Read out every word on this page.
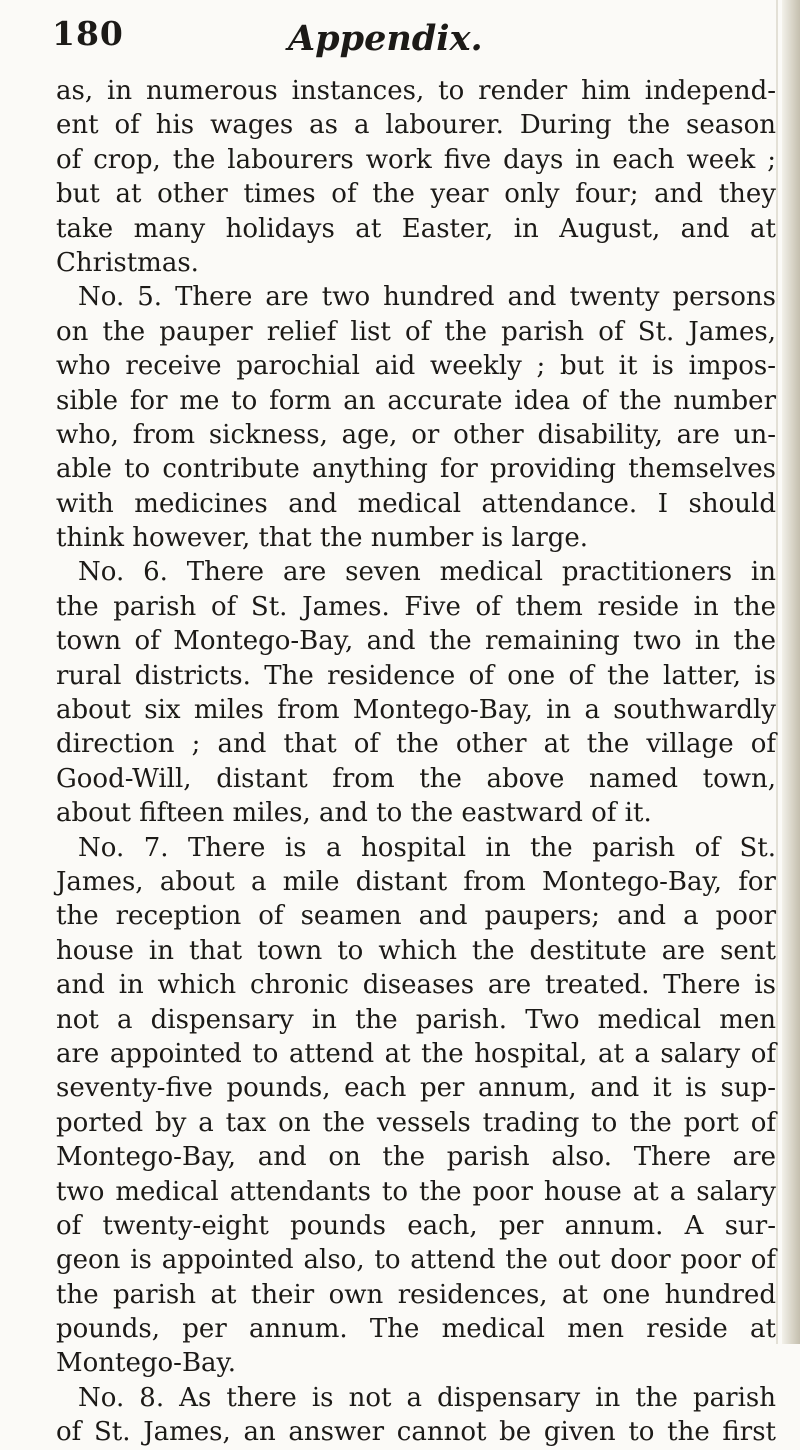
180	Appendix.
as, in numerous instances, to render him independ-
ent of his wages as a labourer. During the season
of crop, the labourers work five days in each week ;
but at other times of the year only four; and they
take many holidays at Easter, in August, and at
Christmas.
No. 5. There are two hundred and twenty persons
on the pauper relief list of the parish of St. James,
who receive parochial aid weekly ; but it is impos-
sible for me to form an accurate idea of the number
who, from sickness, age, or other disability, are un-
able to contribute anything for providing themselves
with medicines and medical attendance. I should
think however, that the number is large.
No. 6. There are seven medical practitioners in
the parish of St. James. Five of them reside in the
town of Montego-Bay, and the remaining two in the
rural districts. The residence of one of the latter, is
about six miles from Montego-Bay, in a southwardly
direction ; and that of the other at the village of
Good-Will, distant from the above named town,
about fifteen miles, and to the eastward of it.
No. 7. There is a hospital in the parish of St.
James, about a mile distant from Montego-Bay, for
the reception of seamen and paupers; and a poor
house in that town to which the destitute are sent
and in which chronic diseases are treated. There is
not a dispensary in the parish. Two medical men
are appointed to attend at the hospital, at a salary of
seventy-five pounds, each per annum, and it is sup-
ported by a tax on the vessels trading to the port of
Montego-Bay, and on the parish also. There are
two medical attendants to the poor house at a salary
of twenty-eight pounds each, per annum. A sur-
geon is appointed also, to attend the out door poor of
the parish at their own residences, at one hundred
pounds, per annum. The medical men reside at
Montego-Bay.
No. 8. As there is not a dispensary in the parish
of St. James, an answer cannot be given to the first
